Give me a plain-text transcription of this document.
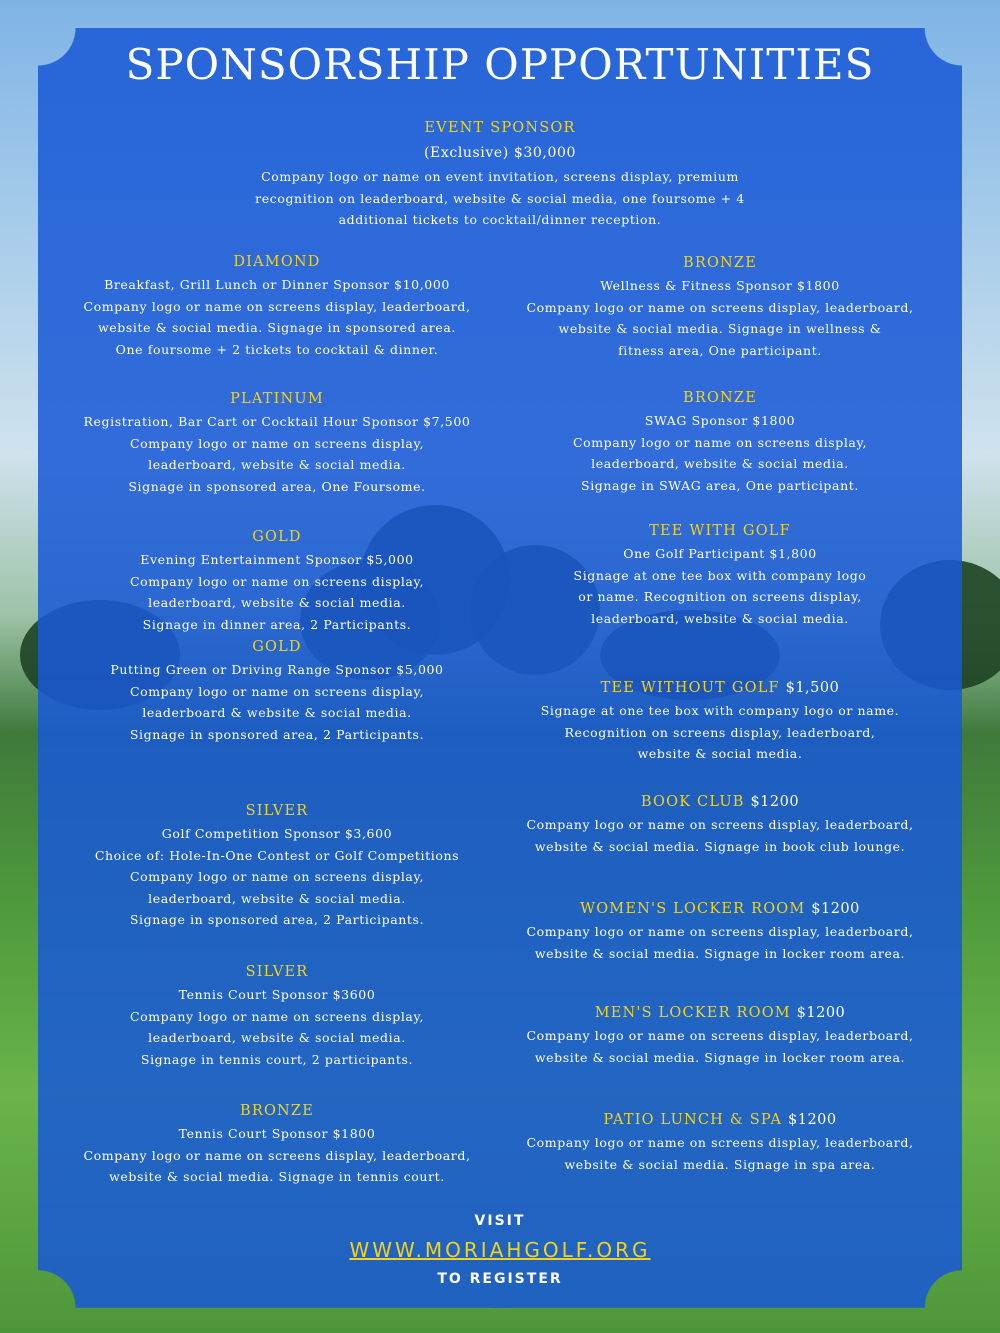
SPONSORSHIP OPPORTUNITIES
EVENT SPONSOR
(Exclusive) $30,000
Company logo or name on event invitation, screens display, premium
recognition on leaderboard, website & social media, one foursome + 4
additional tickets to cocktail/dinner reception.
DIAMOND
Breakfast, Grill Lunch or Dinner Sponsor $10,000
Company logo or name on screens display, leaderboard,
website & social media. Signage in sponsored area.
One foursome + 2 tickets to cocktail & dinner.
PLATINUM
Registration, Bar Cart or Cocktail Hour Sponsor $7,500
Company logo or name on screens display,
leaderboard, website & social media.
Signage in sponsored area, One Foursome.
GOLD
Evening Entertainment Sponsor $5,000
Company logo or name on screens display,
leaderboard, website & social media.
Signage in dinner area, 2 Participants.
GOLD
Putting Green or Driving Range Sponsor $5,000
Company logo or name on screens display,
leaderboard & website & social media.
Signage in sponsored area, 2 Participants.
SILVER
Golf Competition Sponsor $3,600
Choice of: Hole-In-One Contest or Golf Competitions
Company logo or name on screens display,
leaderboard, website & social media.
Signage in sponsored area, 2 Participants.
SILVER
Tennis Court Sponsor $3600
Company logo or name on screens display,
leaderboard, website & social media.
Signage in tennis court, 2 participants.
BRONZE
Tennis Court Sponsor $1800
Company logo or name on screens display, leaderboard,
website & social media. Signage in tennis court.
BRONZE
Wellness & Fitness Sponsor $1800
Company logo or name on screens display, leaderboard,
website & social media. Signage in wellness &
fitness area, One participant.
BRONZE
SWAG Sponsor $1800
Company logo or name on screens display,
leaderboard, website & social media.
Signage in SWAG area, One participant.
TEE WITH GOLF
One Golf Participant $1,800
Signage at one tee box with company logo
or name. Recognition on screens display,
leaderboard, website & social media.
TEE WITHOUT GOLF $1,500
Signage at one tee box with company logo or name.
Recognition on screens display, leaderboard,
website & social media.
BOOK CLUB $1200
Company logo or name on screens display, leaderboard,
website & social media. Signage in book club lounge.
WOMEN'S LOCKER ROOM $1200
Company logo or name on screens display, leaderboard,
website & social media. Signage in locker room area.
MEN'S LOCKER ROOM $1200
Company logo or name on screens display, leaderboard,
website & social media. Signage in locker room area.
PATIO LUNCH & SPA $1200
Company logo or name on screens display, leaderboard,
website & social media. Signage in spa area.
VISIT
WWW.MORIAHGOLF.ORG
TO REGISTER
